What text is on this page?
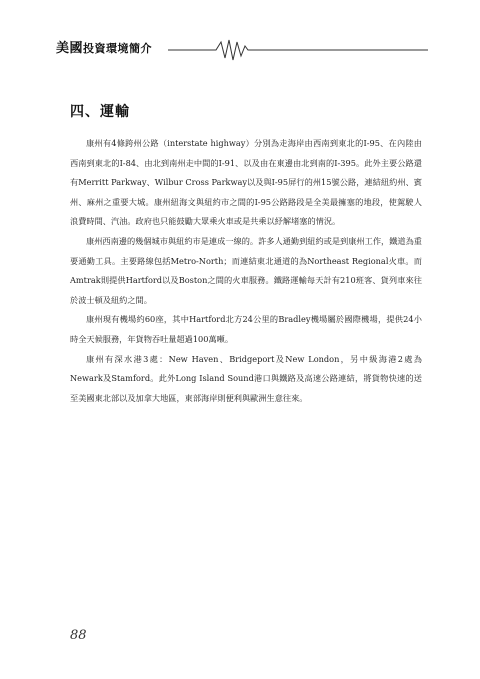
美國投資環境簡介
四、運輸

康州有4條跨州公路（interstate highway）分別為走海岸由西南到東北的I-95、在內陸由西南到東北的I-84、由北到南州走中間的I-91、以及由在東邊由北到南的I-395。此外主要公路還有Merritt Parkway、Wilbur Cross Parkway以及與I-95屏行的州15號公路，連結紐約州、賓州、麻州之重要大城。康州紐海文與紐約市之間的I-95公路路段是全美最擁塞的地段，使駕駛人浪費時間、汽油。政府也只能鼓勵大眾乘火車或是共乘以紓解堵塞的情況。

康州西南邊的幾個城市與紐約市是連成一線的。許多人通勤到紐約或是到康州工作，鐵道為重要通勤工具。主要路線包括Metro-North；而連結東北通道的為Northeast Regional火車。而Amtrak則提供Hartford以及Boston之間的火車服務。鐵路運輸每天計有210班客、貨列車來往於波士頓及紐約之間。

康州現有機場約60座，其中Hartford北方24公里的Bradley機場屬於國際機場，提供24小時全天候服務，年貨物吞吐量超過100萬噸。

康州有深水港3處：New Haven、Bridgeport及New London，另中級海港2處為Newark及Stamford。此外Long Island Sound港口與鐵路及高速公路連結，將貨物快速的送至美國東北部以及加拿大地區，東部海岸則便利與歐洲生意往來。

88
